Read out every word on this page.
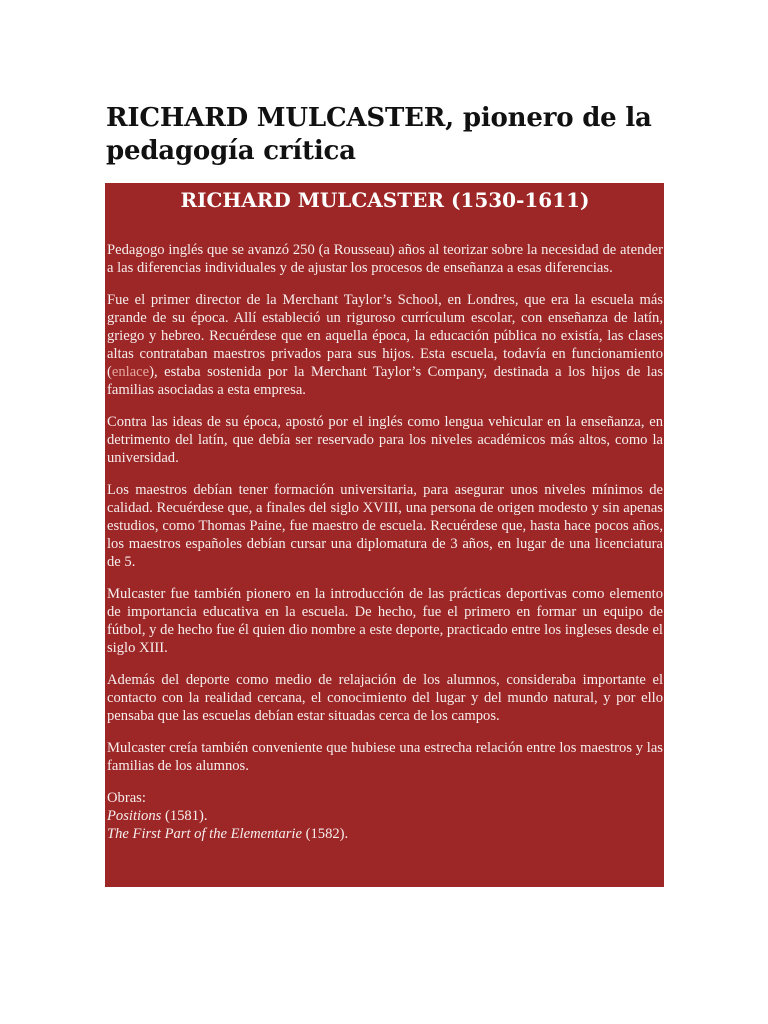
RICHARD MULCASTER, pionero de la pedagogía crítica
RICHARD MULCASTER (1530-1611)

Pedagogo inglés que se avanzó 250 (a Rousseau) años al teorizar sobre la necesidad de atender a las diferencias individuales y de ajustar los procesos de enseñanza a esas diferencias.

Fue el primer director de la Merchant Taylor’s School, en Londres, que era la escuela más grande de su época. Allí estableció un riguroso currículum escolar, con enseñanza de latín, griego y hebreo. Recuérdese que en aquella época, la educación pública no existía, las clases altas contrataban maestros privados para sus hijos. Esta escuela, todavía en funcionamiento (enlace), estaba sostenida por la Merchant Taylor’s Company, destinada a los hijos de las familias asociadas a esta empresa.

Contra las ideas de su época, apostó por el inglés como lengua vehicular en la enseñanza, en detrimento del latín, que debía ser reservado para los niveles académicos más altos, como la universidad.

Los maestros debían tener formación universitaria, para asegurar unos niveles mínimos de calidad. Recuérdese que, a finales del siglo XVIII, una persona de origen modesto y sin apenas estudios, como Thomas Paine, fue maestro de escuela. Recuérdese que, hasta hace pocos años, los maestros españoles debían cursar una diplomatura de 3 años, en lugar de una licenciatura de 5.

Mulcaster fue también pionero en la introducción de las prácticas deportivas como elemento de importancia educativa en la escuela. De hecho, fue el primero en formar un equipo de fútbol, y de hecho fue él quien dio nombre a este deporte, practicado entre los ingleses desde el siglo XIII.

Además del deporte como medio de relajación de los alumnos, consideraba importante el contacto con la realidad cercana, el conocimiento del lugar y del mundo natural, y por ello pensaba que las escuelas debían estar situadas cerca de los campos.

Mulcaster creía también conveniente que hubiese una estrecha relación entre los maestros y las familias de los alumnos.

Obras:
Positions (1581).
The First Part of the Elementarie (1582).
